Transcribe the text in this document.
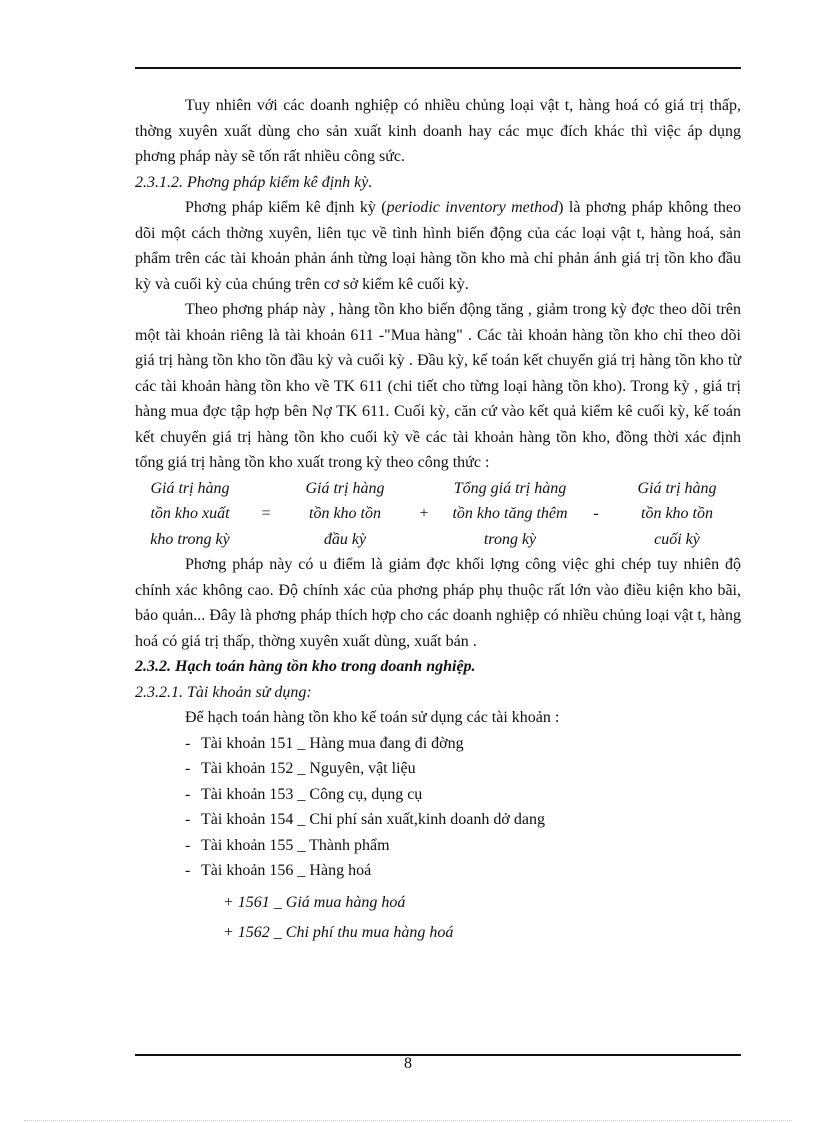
Tuy nhiên với các doanh nghiệp có nhiều chủng loại vật t, hàng hoá có giá trị thấp, thờng xuyên xuất dùng cho sản xuất kinh doanh hay các mục đích khác thì việc áp dụng phơng pháp này sẽ tốn rất nhiều công sức.

2.3.1.2. Phơng pháp kiểm kê định kỳ.

Phơng pháp kiểm kê định kỳ (periodic inventory method) là phơng pháp không theo dõi một cách thờng xuyên, liên tục về tình hình biến động của các loại vật t, hàng hoá, sản phẩm trên các tài khoản phản ánh từng loại hàng tồn kho mà chỉ phản ánh giá trị tồn kho đầu kỳ và cuối kỳ của chúng trên cơ sở kiểm kê cuối kỳ.

Theo phơng pháp này , hàng tồn kho biến động tăng , giảm trong kỳ đợc theo dõi trên một tài khoản riêng là tài khoản 611 -"Mua hàng" . Các tài khoản hàng tồn kho chỉ theo dõi giá trị hàng tồn kho tồn đầu kỳ và cuối kỳ . Đầu kỳ, kế toán kết chuyển giá trị hàng tồn kho từ các tài khoản hàng tồn kho về TK 611 (chi tiết cho từng loại hàng tồn kho). Trong kỳ , giá trị hàng mua đợc tập hợp bên Nợ TK 611. Cuối kỳ, căn cứ vào kết quả kiểm kê cuối kỳ, kế toán kết chuyển giá trị hàng tồn kho cuối kỳ về các tài khoản hàng tồn kho, đồng thời xác định tổng giá trị hàng tồn kho xuất trong kỳ theo công thức :

Giá trị hàng
tồn kho xuất
kho trong kỳ
=
Giá trị hàng
tồn kho tồn
đầu kỳ
+
Tổng giá trị hàng
tồn kho tăng thêm
trong kỳ
-
Giá trị hàng
tồn kho tồn
cuối kỳ

Phơng pháp này có u điểm là giảm đợc khối lợng công việc ghi chép tuy nhiên độ chính xác không cao. Độ chính xác của phơng pháp phụ thuộc rất lớn vào điều kiện kho bãi, bảo quản... Đây là phơng pháp thích hợp cho các doanh nghiệp có nhiều chủng loại vật t, hàng hoá có giá trị thấp, thờng xuyên xuất dùng, xuất bán .

2.3.2. Hạch toán hàng tồn kho trong doanh nghiệp.

2.3.2.1. Tài khoản sử dụng:

Để hạch toán hàng tồn kho kế toán sử dụng các tài khoản :

- Tài khoản 151 _ Hàng mua đang đi đờng
- Tài khoản 152 _ Nguyên, vật liệu
- Tài khoản 153 _ Công cụ, dụng cụ
- Tài khoản 154 _ Chi phí sản xuất,kinh doanh dở dang
- Tài khoản 155 _ Thành phẩm
- Tài khoản 156 _ Hàng hoá
+ 1561 _ Giá mua hàng hoá
+ 1562 _ Chi phí thu mua hàng hoá
8
